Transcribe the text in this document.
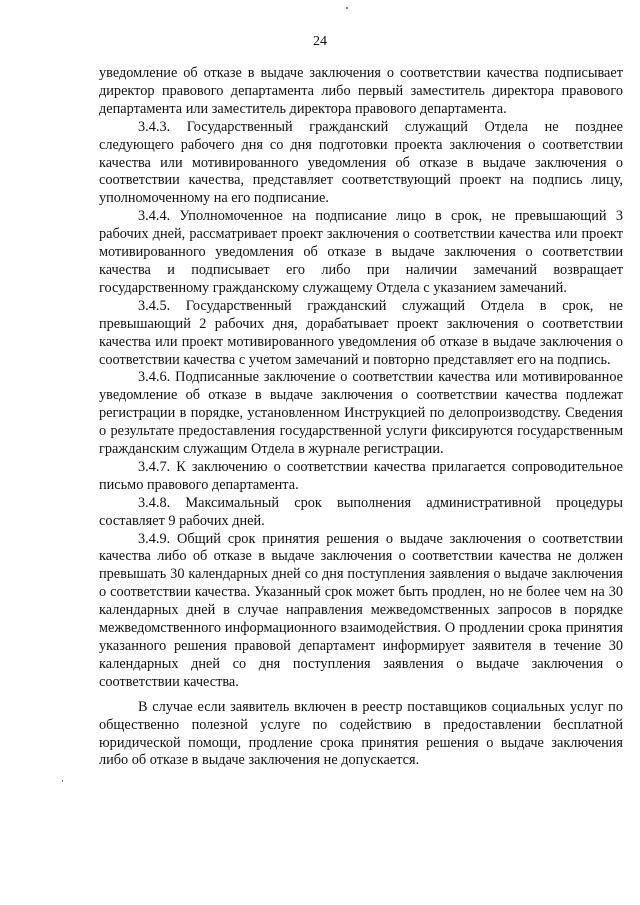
24

уведомление об отказе в выдаче заключения о соответствии качества подписывает директор правового департамента либо первый заместитель директора правового департамента или заместитель директора правового департамента.

3.4.3. Государственный гражданский служащий Отдела не позднее следующего рабочего дня со дня подготовки проекта заключения о соответствии качества или мотивированного уведомления об отказе в выдаче заключения о соответствии качества, представляет соответствующий проект на подпись лицу, уполномоченному на его подписание.

3.4.4. Уполномоченное на подписание лицо в срок, не превышающий 3 рабочих дней, рассматривает проект заключения о соответствии качества или проект мотивированного уведомления об отказе в выдаче заключения о соответствии качества и подписывает его либо при наличии замечаний возвращает государственному гражданскому служащему Отдела с указанием замечаний.

3.4.5. Государственный гражданский служащий Отдела в срок, не превышающий 2 рабочих дня, дорабатывает проект заключения о соответствии качества или проект мотивированного уведомления об отказе в выдаче заключения о соответствии качества с учетом замечаний и повторно представляет его на подпись.

3.4.6. Подписанные заключение о соответствии качества или мотивированное уведомление об отказе в выдаче заключения о соответствии качества подлежат регистрации в порядке, установленном Инструкцией по делопроизводству. Сведения о результате предоставления государственной услуги фиксируются государственным гражданским служащим Отдела в журнале регистрации.

3.4.7. К заключению о соответствии качества прилагается сопроводительное письмо правового департамента.

3.4.8. Максимальный срок выполнения административной процедуры составляет 9 рабочих дней.

3.4.9. Общий срок принятия решения о выдаче заключения о соответствии качества либо об отказе в выдаче заключения о соответствии качества не должен превышать 30 календарных дней со дня поступления заявления о выдаче заключения о соответствии качества. Указанный срок может быть продлен, но не более чем на 30 календарных дней в случае направления межведомственных запросов в порядке межведомственного информационного взаимодействия. О продлении срока принятия указанного решения правовой департамент информирует заявителя в течение 30 календарных дней со дня поступления заявления о выдаче заключения о соответствии качества.

В случае если заявитель включен в реестр поставщиков социальных услуг по общественно полезной услуге по содействию в предоставлении бесплатной юридической помощи, продление срока принятия решения о выдаче заключения либо об отказе в выдаче заключения не допускается.
